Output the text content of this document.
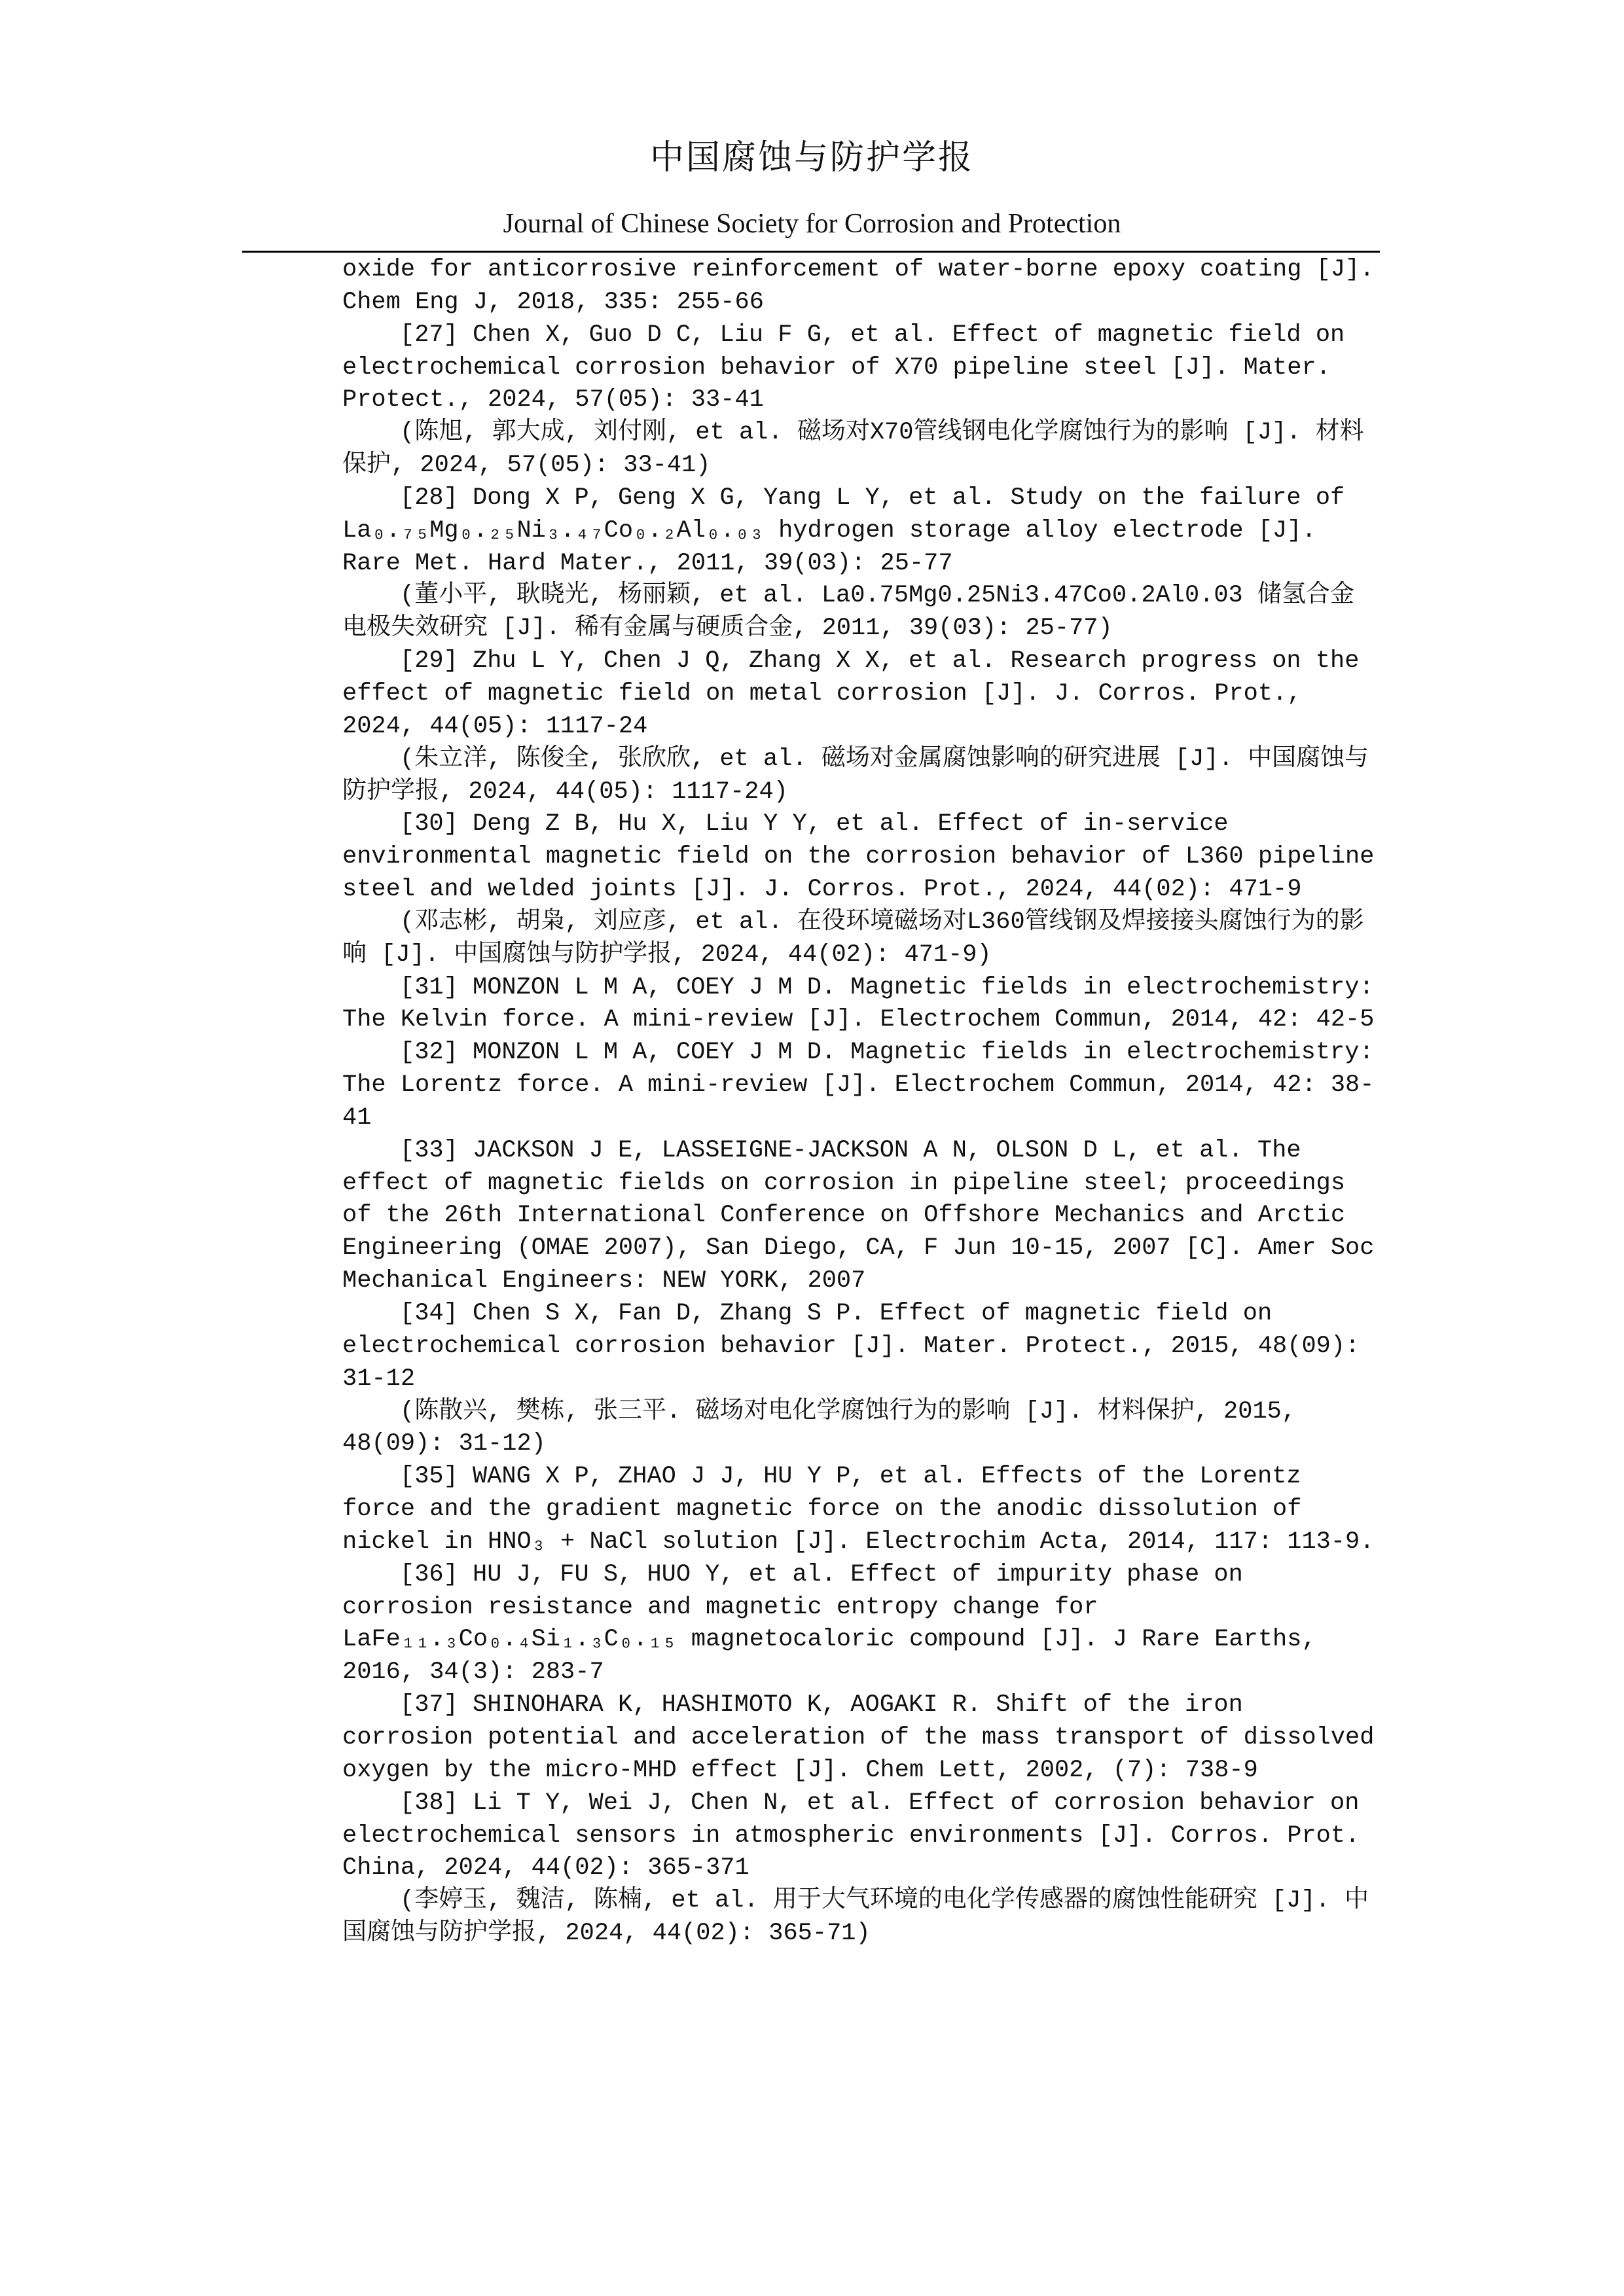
中国腐蚀与防护学报
Journal of Chinese Society for Corrosion and Protection

oxide for anticorrosive reinforcement of water-borne epoxy coating [J]. Chem Eng J, 2018, 335: 255-66

[27] Chen X, Guo D C, Liu F G, et al. Effect of magnetic field on electrochemical corrosion behavior of X70 pipeline steel [J]. Mater. Protect., 2024, 57(05): 33-41

(陈旭, 郭大成, 刘付刚, et al. 磁场对X70管线钢电化学腐蚀行为的影响 [J]. 材料保护, 2024, 57(05): 33-41)

[28] Dong X P, Geng X G, Yang L Y, et al. Study on the failure of La₀.₇₅Mg₀.₂₅Ni₃.₄₇Co₀.₂Al₀.₀₃ hydrogen storage alloy electrode [J]. Rare Met. Hard Mater., 2011, 39(03): 25-77

(董小平, 耿晓光, 杨丽颖, et al. La0.75Mg0.25Ni3.47Co0.2Al0.03 储氢合金电极失效研究 [J]. 稀有金属与硬质合金, 2011, 39(03): 25-77)

[29] Zhu L Y, Chen J Q, Zhang X X, et al. Research progress on the effect of magnetic field on metal corrosion [J]. J. Corros. Prot., 2024, 44(05): 1117-24

(朱立洋, 陈俊全, 张欣欣, et al. 磁场对金属腐蚀影响的研究进展 [J]. 中国腐蚀与防护学报, 2024, 44(05): 1117-24)

[30] Deng Z B, Hu X, Liu Y Y, et al. Effect of in-service environmental magnetic field on the corrosion behavior of L360 pipeline steel and welded joints [J]. J. Corros. Prot., 2024, 44(02): 471-9

(邓志彬, 胡枭, 刘应彦, et al. 在役环境磁场对L360管线钢及焊接接头腐蚀行为的影响 [J]. 中国腐蚀与防护学报, 2024, 44(02): 471-9)

[31] MONZON L M A, COEY J M D. Magnetic fields in electrochemistry: The Kelvin force. A mini-review [J]. Electrochem Commun, 2014, 42: 42-5

[32] MONZON L M A, COEY J M D. Magnetic fields in electrochemistry: The Lorentz force. A mini-review [J]. Electrochem Commun, 2014, 42: 38-41

[33] JACKSON J E, LASSEIGNE-JACKSON A N, OLSON D L, et al. The effect of magnetic fields on corrosion in pipeline steel; proceedings of the 26th International Conference on Offshore Mechanics and Arctic Engineering (OMAE 2007), San Diego, CA, F Jun 10-15, 2007 [C]. Amer Soc Mechanical Engineers: NEW YORK, 2007

[34] Chen S X, Fan D, Zhang S P. Effect of magnetic field on electrochemical corrosion behavior [J]. Mater. Protect., 2015, 48(09): 31-12

(陈散兴, 樊栋, 张三平. 磁场对电化学腐蚀行为的影响 [J]. 材料保护, 2015, 48(09): 31-12)

[35] WANG X P, ZHAO J J, HU Y P, et al. Effects of the Lorentz force and the gradient magnetic force on the anodic dissolution of nickel in HNO₃ + NaCl solution [J]. Electrochim Acta, 2014, 117: 113-9.

[36] HU J, FU S, HUO Y, et al. Effect of impurity phase on corrosion resistance and magnetic entropy change for LaFe₁₁.₃Co₀.₄Si₁.₃C₀.₁₅ magnetocaloric compound [J]. J Rare Earths, 2016, 34(3): 283-7

[37] SHINOHARA K, HASHIMOTO K, AOGAKI R. Shift of the iron corrosion potential and acceleration of the mass transport of dissolved oxygen by the micro-MHD effect [J]. Chem Lett, 2002, (7): 738-9

[38] Li T Y, Wei J, Chen N, et al. Effect of corrosion behavior on electrochemical sensors in atmospheric environments [J]. Corros. Prot. China, 2024, 44(02): 365-371

(李婷玉, 魏洁, 陈楠, et al. 用于大气环境的电化学传感器的腐蚀性能研究 [J]. 中国腐蚀与防护学报, 2024, 44(02): 365-71)
